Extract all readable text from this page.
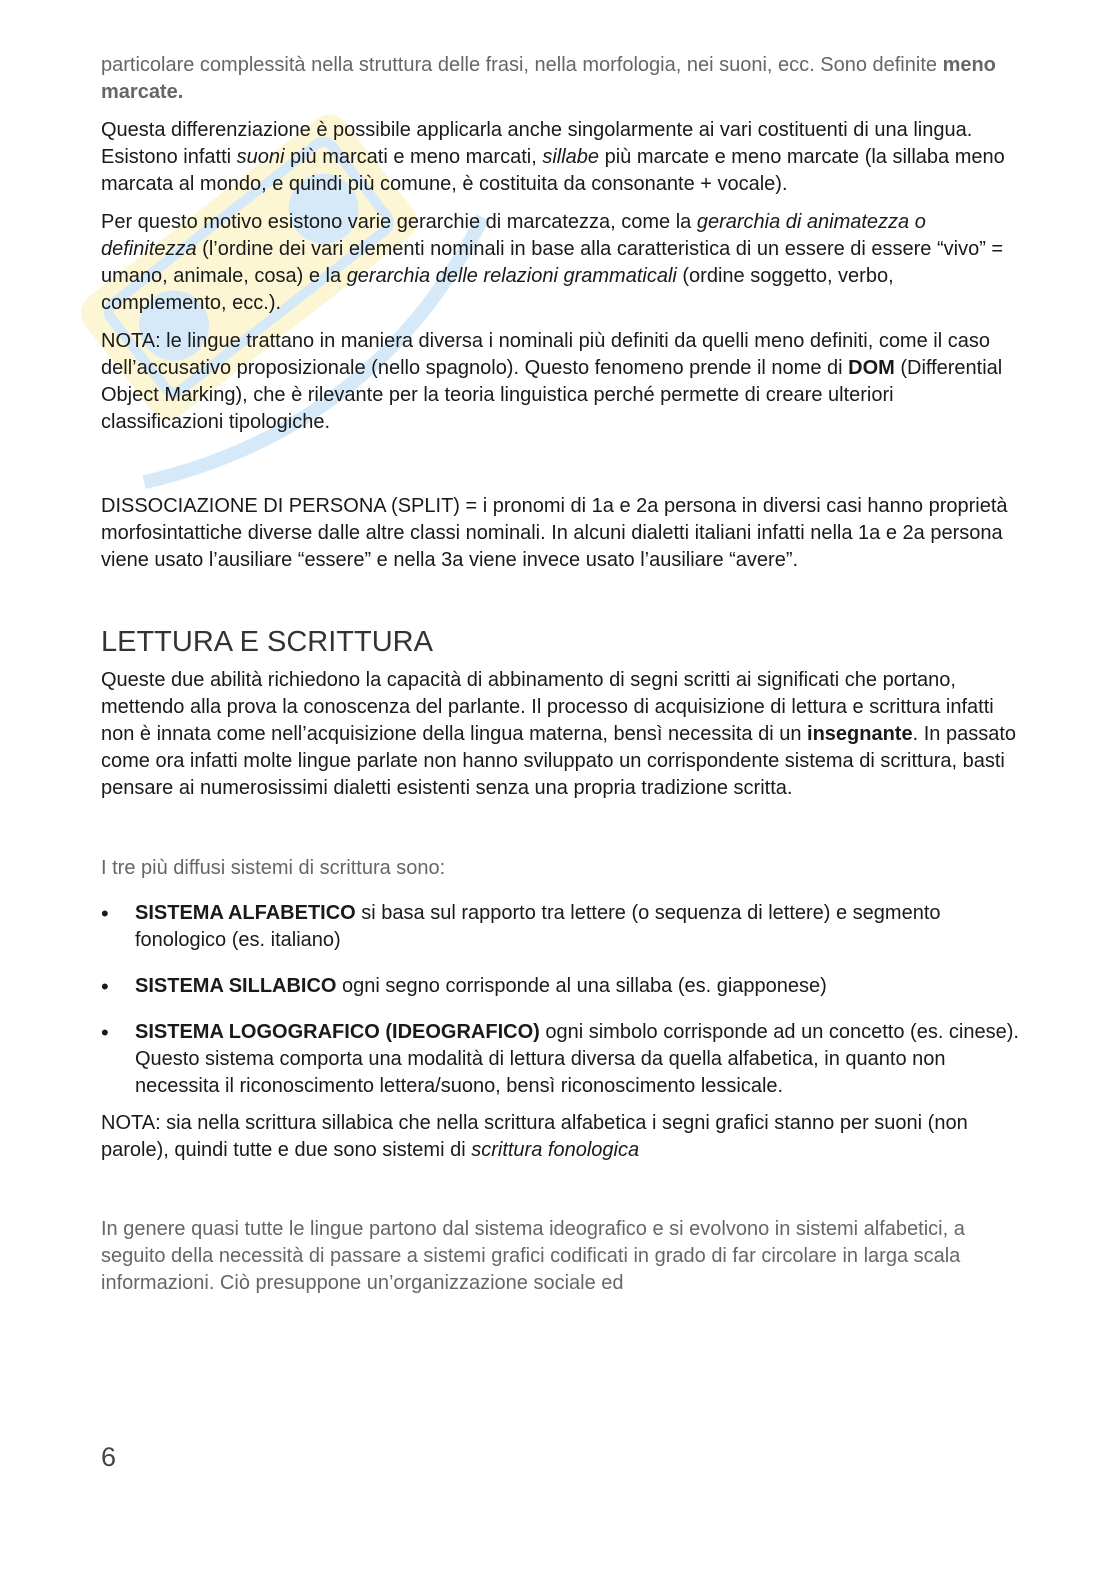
particolare complessità nella struttura delle frasi, nella morfologia, nei suoni, ecc. Sono definite meno marcate.

Questa differenziazione è possibile applicarla anche singolarmente ai vari costituenti di una lingua. Esistono infatti suoni più marcati e meno marcati, sillabe più marcate e meno marcate (la sillaba meno marcata al mondo, e quindi più comune, è costituita da consonante + vocale).

Per questo motivo esistono varie gerarchie di marcatezza, come la gerarchia di animatezza o definitezza (l’ordine dei vari elementi nominali in base alla caratteristica di un essere di essere “vivo” = umano, animale, cosa) e la gerarchia delle relazioni grammaticali (ordine soggetto, verbo, complemento, ecc.).

NOTA: le lingue trattano in maniera diversa i nominali più definiti da quelli meno definiti, come il caso dell’accusativo proposizionale (nello spagnolo). Questo fenomeno prende il nome di DOM (Differential Object Marking), che è rilevante per la teoria linguistica perché permette di creare ulteriori classificazioni tipologiche.

DISSOCIAZIONE DI PERSONA (SPLIT) = i pronomi di 1a e 2a persona in diversi casi hanno proprietà morfosintattiche diverse dalle altre classi nominali. In alcuni dialetti italiani infatti nella 1a e 2a persona viene usato l’ausiliare “essere” e nella 3a viene invece usato l’ausiliare “avere”.

LETTURA E SCRITTURA

Queste due abilità richiedono la capacità di abbinamento di segni scritti ai significati che portano, mettendo alla prova la conoscenza del parlante. Il processo di acquisizione di lettura e scrittura infatti non è innata come nell’acquisizione della lingua materna, bensì necessita di un insegnante. In passato come ora infatti molte lingue parlate non hanno sviluppato un corrispondente sistema di scrittura, basti pensare ai numerosissimi dialetti esistenti senza una propria tradizione scritta.

I tre più diffusi sistemi di scrittura sono:

• SISTEMA ALFABETICO si basa sul rapporto tra lettere (o sequenza di lettere) e segmento fonologico (es. italiano)
• SISTEMA SILLABICO ogni segno corrisponde al una sillaba (es. giapponese)
• SISTEMA LOGOGRAFICO (IDEOGRAFICO) ogni simbolo corrisponde ad un concetto (es. cinese). Questo sistema comporta una modalità di lettura diversa da quella alfabetica, in quanto non necessita il riconoscimento lettera/suono, bensì riconoscimento lessicale.

NOTA: sia nella scrittura sillabica che nella scrittura alfabetica i segni grafici stanno per suoni (non parole), quindi tutte e due sono sistemi di scrittura fonologica

In genere quasi tutte le lingue partono dal sistema ideografico e si evolvono in sistemi alfabetici, a seguito della necessità di passare a sistemi grafici codificati in grado di far circolare in larga scala informazioni. Ciò presuppone un’organizzazione sociale ed

6
